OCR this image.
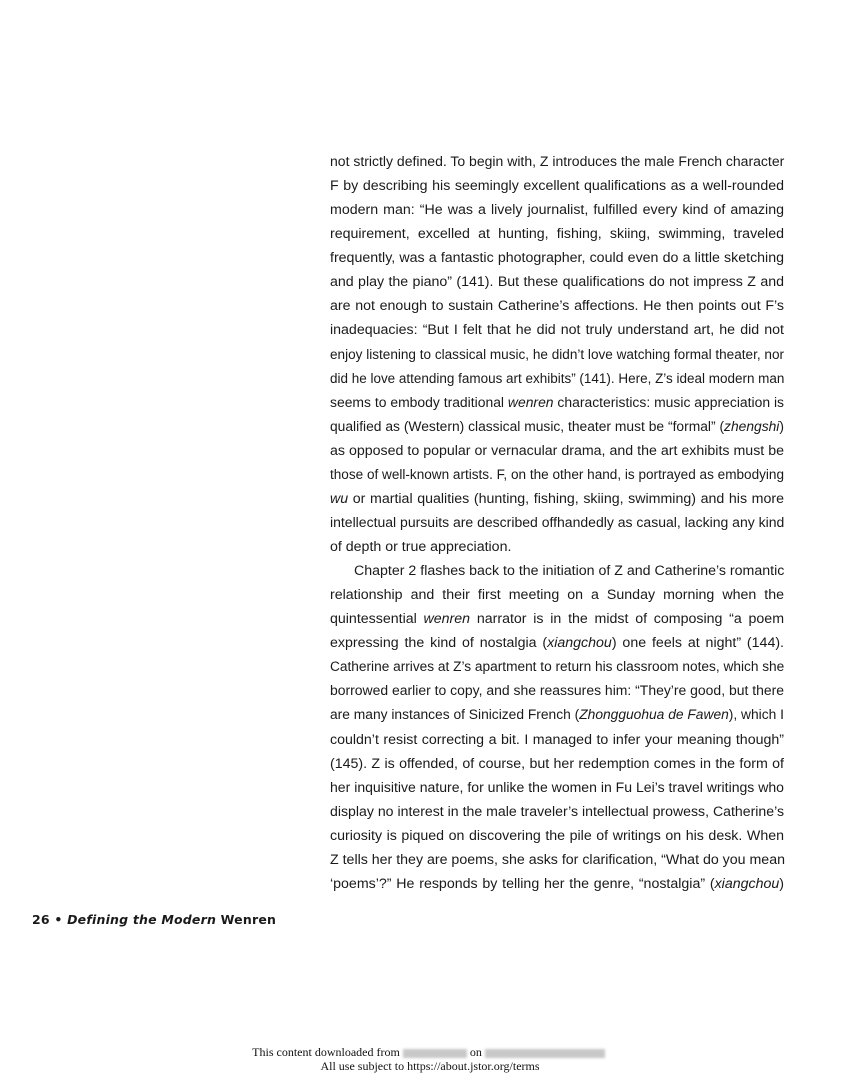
not strictly defined. To begin with, Z introduces the male French character
F by describing his seemingly excellent qualifications as a well-rounded
modern man: “He was a lively journalist, fulfilled every kind of amazing
requirement, excelled at hunting, fishing, skiing, swimming, traveled
frequently, was a fantastic photographer, could even do a little sketching
and play the piano” (141). But these qualifications do not impress Z and
are not enough to sustain Catherine’s affections. He then points out F’s
inadequacies: “But I felt that he did not truly understand art, he did not
enjoy listening to classical music, he didn’t love watching formal theater, nor
did he love attending famous art exhibits” (141). Here, Z’s ideal modern man
seems to embody traditional wenren characteristics: music appreciation is
qualified as (Western) classical music, theater must be “formal” (zhengshi)
as opposed to popular or vernacular drama, and the art exhibits must be
those of well-known artists. F, on the other hand, is portrayed as embodying
wu or martial qualities (hunting, fishing, skiing, swimming) and his more
intellectual pursuits are described offhandedly as casual, lacking any kind
of depth or true appreciation.
Chapter 2 flashes back to the initiation of Z and Catherine’s romantic
relationship and their first meeting on a Sunday morning when the
quintessential wenren narrator is in the midst of composing “a poem
expressing the kind of nostalgia (xiangchou) one feels at night” (144).
Catherine arrives at Z’s apartment to return his classroom notes, which she
borrowed earlier to copy, and she reassures him: “They’re good, but there
are many instances of Sinicized French (Zhongguohua de Fawen), which I
couldn’t resist correcting a bit. I managed to infer your meaning though”
(145). Z is offended, of course, but her redemption comes in the form of
her inquisitive nature, for unlike the women in Fu Lei’s travel writings who
display no interest in the male traveler’s intellectual prowess, Catherine’s
curiosity is piqued on discovering the pile of writings on his desk. When
Z tells her they are poems, she asks for clarification, “What do you mean
‘poems’?” He responds by telling her the genre, “nostalgia” (xiangchou)
26 • Defining the Modern Wenren
This content downloaded from	on
All use subject to https://about.jstor.org/terms
